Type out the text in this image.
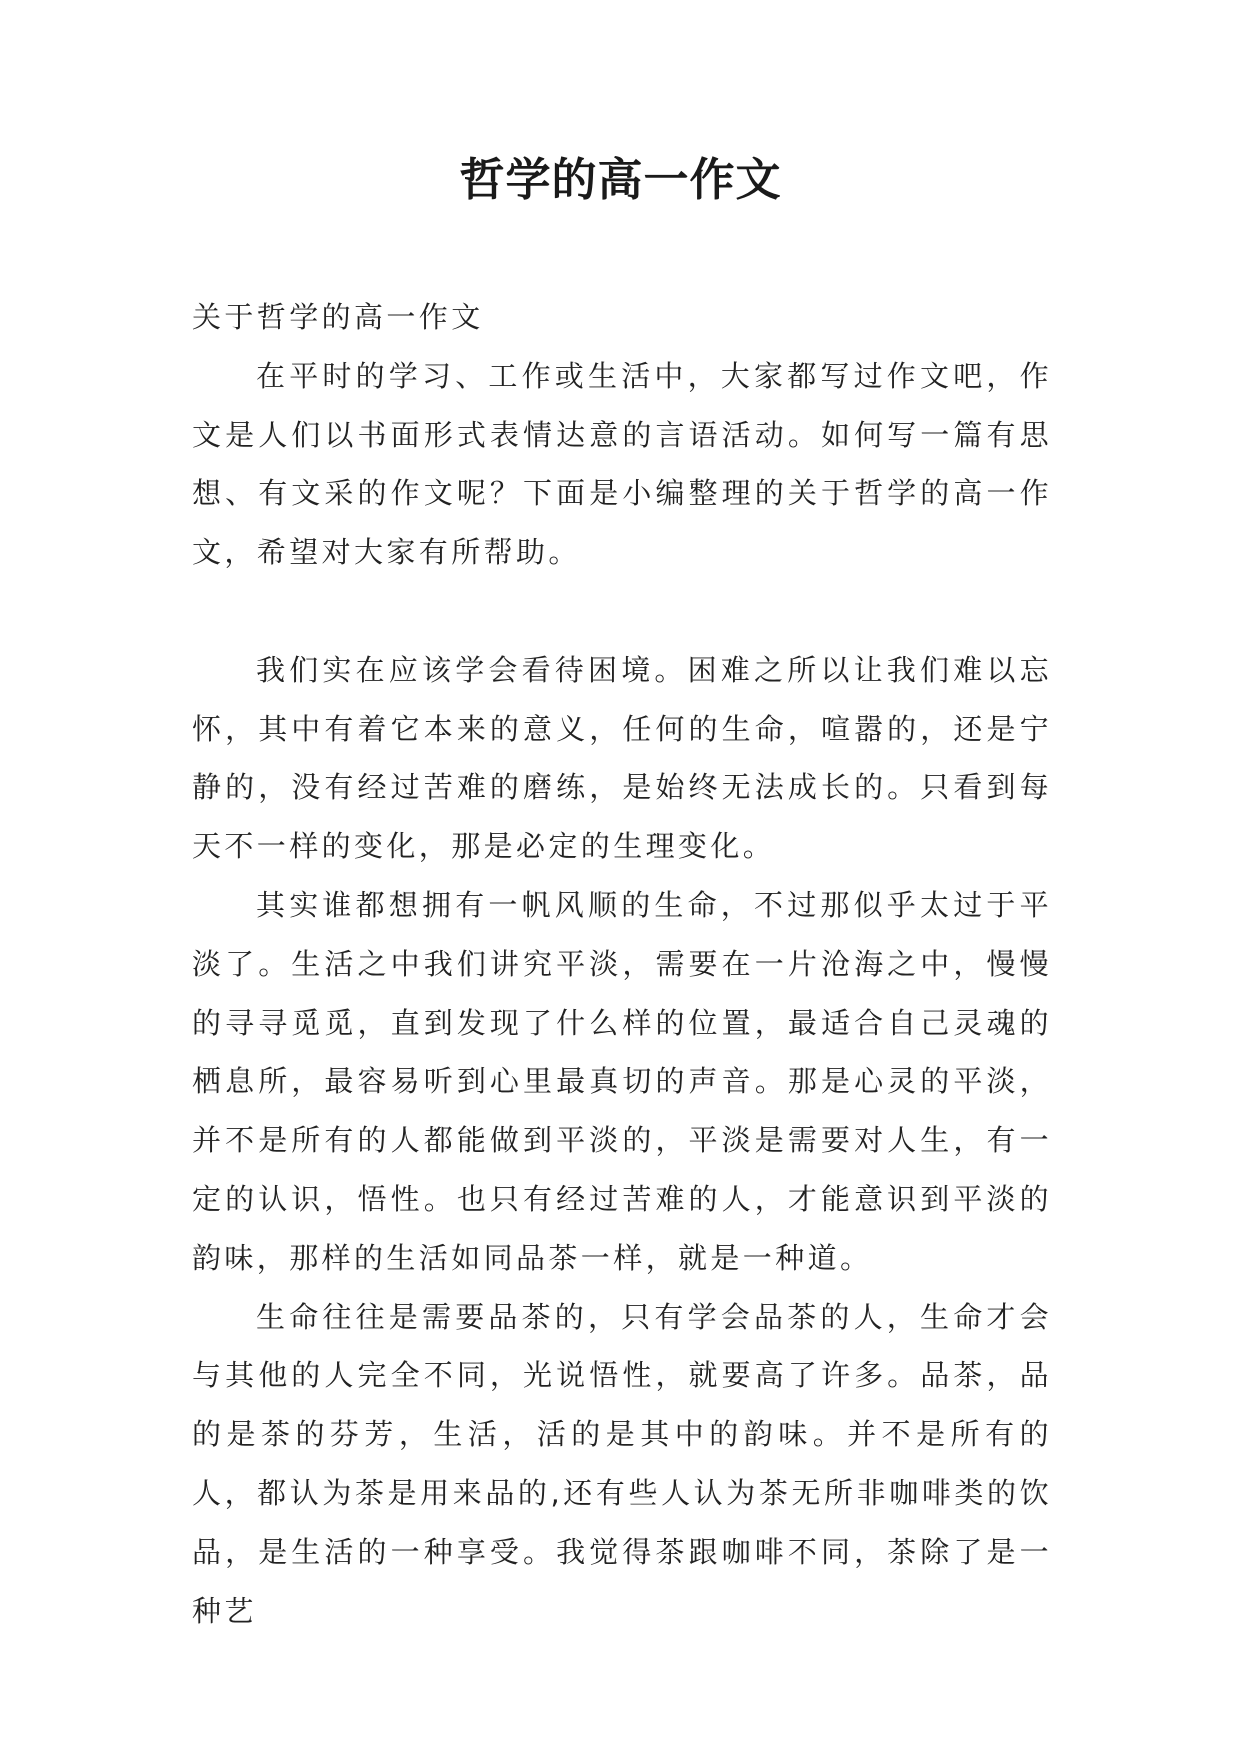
哲学的高一作文

关于哲学的高一作文

在平时的学习、工作或生活中，大家都写过作文吧，作文是人们以书面形式表情达意的言语活动。如何写一篇有思想、有文采的作文呢？下面是小编整理的关于哲学的高一作文，希望对大家有所帮助。

我们实在应该学会看待困境。困难之所以让我们难以忘怀，其中有着它本来的意义，任何的生命，喧嚣的，还是宁静的，没有经过苦难的磨练，是始终无法成长的。只看到每天不一样的变化，那是必定的生理变化。

其实谁都想拥有一帆风顺的生命，不过那似乎太过于平淡了。生活之中我们讲究平淡，需要在一片沧海之中，慢慢的寻寻觅觅，直到发现了什么样的位置，最适合自己灵魂的栖息所，最容易听到心里最真切的声音。那是心灵的平淡，并不是所有的人都能做到平淡的，平淡是需要对人生，有一定的认识，悟性。也只有经过苦难的人，才能意识到平淡的韵味，那样的生活如同品茶一样，就是一种道。

生命往往是需要品茶的，只有学会品茶的人，生命才会与其他的人完全不同，光说悟性，就要高了许多。品茶，品的是茶的芬芳，生活，活的是其中的韵味。并不是所有的人，都认为茶是用来品的,还有些人认为茶无所非咖啡类的饮品，是生活的一种享受。我觉得茶跟咖啡不同，茶除了是一种艺
